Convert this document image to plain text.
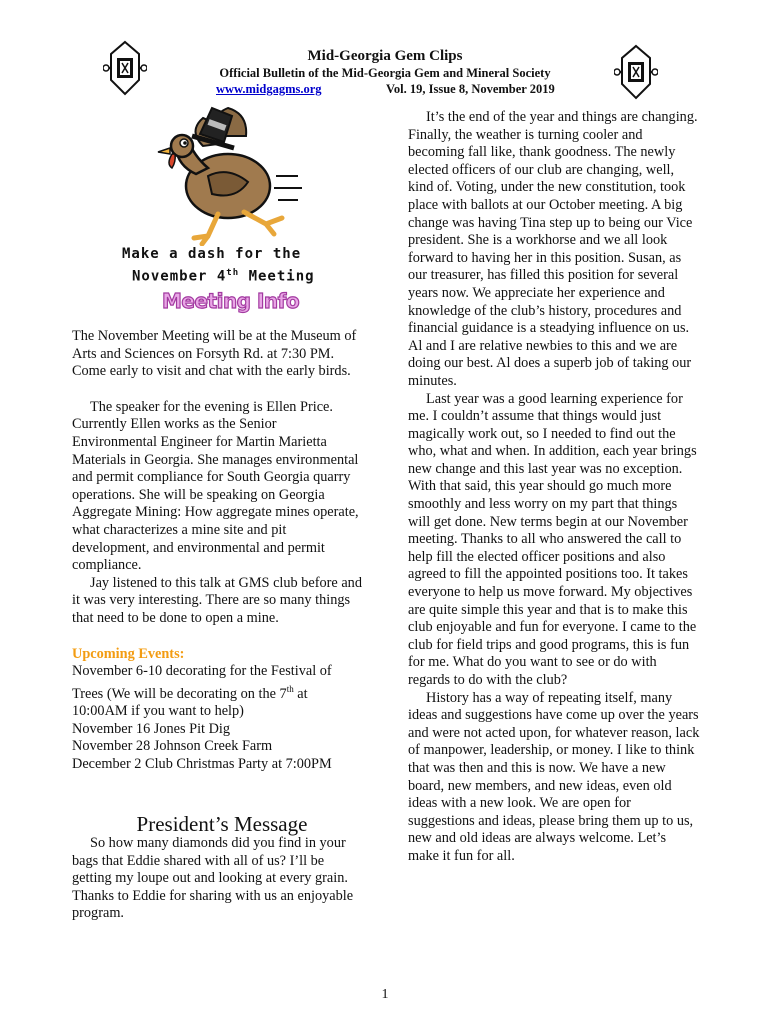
Mid-Georgia Gem Clips
Official Bulletin of the Mid-Georgia Gem and Mineral Society
www.midgagms.org	Vol. 19, Issue 8, November 2019
Make a dash for the
November 4th Meeting
Meeting Info

The November Meeting will be at the Museum of Arts and Sciences on Forsyth Rd. at 7:30 PM. Come early to visit and chat with the early birds.

The speaker for the evening is Ellen Price. Currently Ellen works as the Senior Environmental Engineer for Martin Marietta Materials in Georgia. She manages environmental and permit compliance for South Georgia quarry operations. She will be speaking on Georgia Aggregate Mining: How aggregate mines operate, what characterizes a mine site and pit development, and environmental and permit compliance.

Jay listened to this talk at GMS club before and it was very interesting. There are so many things that need to be done to open a mine.

Upcoming Events:

November 6-10 decorating for the Festival of Trees (We will be decorating on the 7th at 10:00AM if you want to help)

November 16 Jones Pit Dig

November 28 Johnson Creek Farm

December 2 Club Christmas Party at 7:00PM

President’s Message

So how many diamonds did you find in your bags that Eddie shared with all of us? I’ll be getting my loupe out and looking at every grain. Thanks to Eddie for sharing with us an enjoyable program.

It’s the end of the year and things are changing. Finally, the weather is turning cooler and becoming fall like, thank goodness. The newly elected officers of our club are changing, well, kind of. Voting, under the new constitution, took place with ballots at our October meeting. A big change was having Tina step up to being our Vice president. She is a workhorse and we all look forward to having her in this position. Susan, as our treasurer, has filled this position for several years now. We appreciate her experience and knowledge of the club’s history, procedures and financial guidance is a steadying influence on us. Al and I are relative newbies to this and we are doing our best. Al does a superb job of taking our minutes.

Last year was a good learning experience for me. I couldn’t assume that things would just magically work out, so I needed to find out the who, what and when. In addition, each year brings new change and this last year was no exception. With that said, this year should go much more smoothly and less worry on my part that things will get done. New terms begin at our November meeting. Thanks to all who answered the call to help fill the elected officer positions and also agreed to fill the appointed positions too. It takes everyone to help us move forward. My objectives are quite simple this year and that is to make this club enjoyable and fun for everyone. I came to the club for field trips and good programs, this is fun for me. What do you want to see or do with regards to do with the club?

History has a way of repeating itself, many ideas and suggestions have come up over the years and were not acted upon, for whatever reason, lack of manpower, leadership, or money. I like to think that was then and this is now. We have a new board, new members, and new ideas, even old ideas with a new look. We are open for suggestions and ideas, please bring them up to us, new and old ideas are always welcome. Let’s make it fun for all.

1
